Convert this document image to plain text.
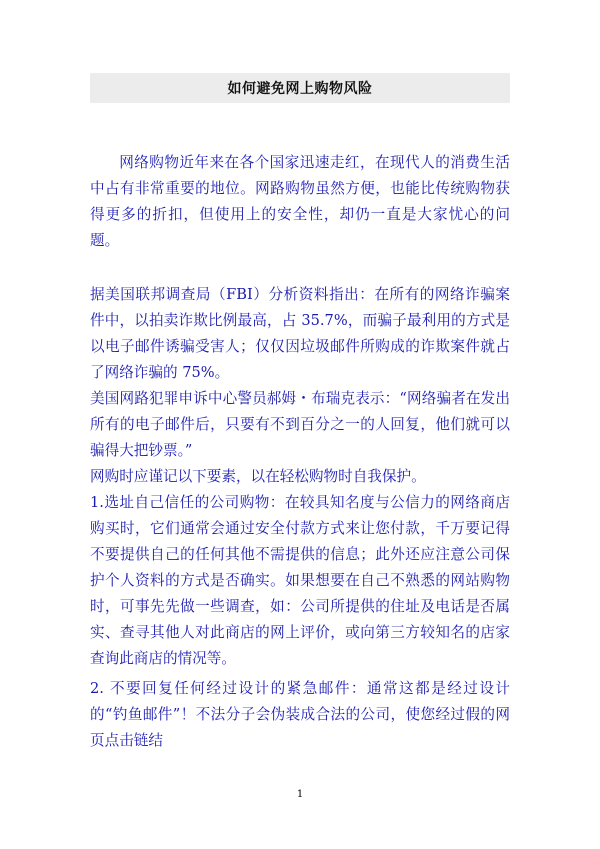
如何避免网上购物风险
网络购物近年来在各个国家迅速走红，在现代人的消费生活中占有非常重要的地位。网路购物虽然方便，也能比传统购物获得更多的折扣，但使用上的安全性，却仍一直是大家忧心的问题。
据美国联邦调查局（FBI）分析资料指出：在所有的网络诈骗案件中，以拍卖诈欺比例最高，占 35.7%，而骗子最利用的方式是以电子邮件诱骗受害人；仅仅因垃圾邮件所购成的诈欺案件就占了网络诈骗的 75%。
美国网路犯罪申诉中心警员郝姆・布瑞克表示：“网络骗者在发出所有的电子邮件后，只要有不到百分之一的人回复，他们就可以骗得大把钞票。”
网购时应谨记以下要素，以在轻松购物时自我保护。
1.选址自己信任的公司购物：在较具知名度与公信力的网络商店购买时，它们通常会通过安全付款方式来让您付款，千万要记得不要提供自己的任何其他不需提供的信息；此外还应注意公司保护个人资料的方式是否确实。如果想要在自己不熟悉的网站购物时，可事先先做一些调查，如：公司所提供的住址及电话是否属实、查寻其他人对此商店的网上评价，或向第三方较知名的店家查询此商店的情况等。
2. 不要回复任何经过设计的紧急邮件：通常这都是经过设计的“钓鱼邮件”！不法分子会伪装成合法的公司，使您经过假的网页点击链结
1
